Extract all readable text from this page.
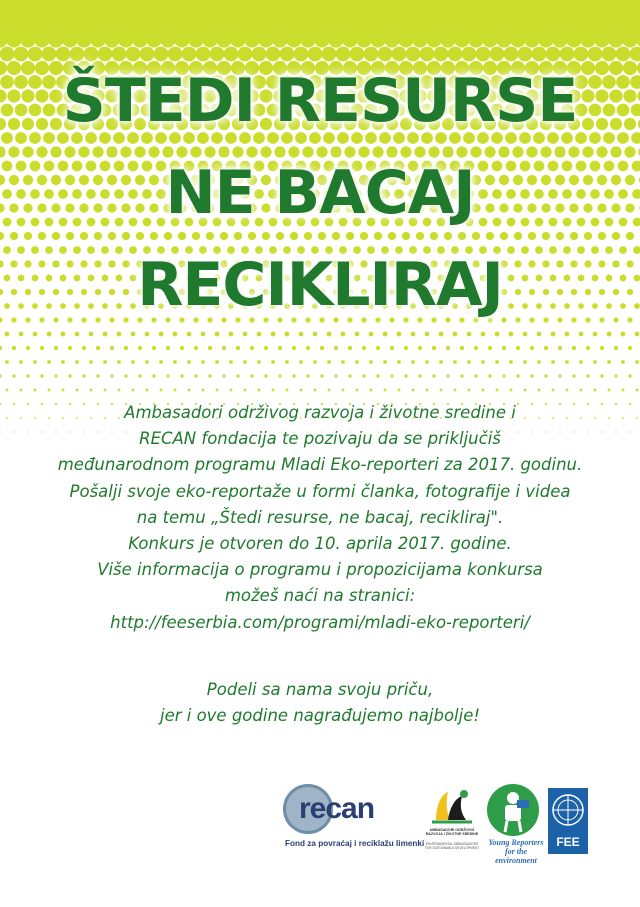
ŠTEDI RESURSE
NE BACAJ
RECIKLIRAJ
Ambasadori održivog razvoja i životne sredine i
RECAN fondacija te pozivaju da se priključiš
međunarodnom programu Mladi Eko-reporteri za 2017. godinu.
Pošalji svoje eko-reportaže u formi članka, fotografije i videa
na temu „Štedi resurse, ne bacaj, recikliraj".
Konkurs je otvoren do 10. aprila 2017. godine.
Više informacija o programu i propozicijama konkursa
možeš naći na stranici:
http://feeserbia.com/programi/mladi-eko-reporteri/
Podeli sa nama svoju priču,
jer i ove godine nagrađujemo najbolje!
recan
Fond za povraćaj i reciklažu limenki
AMBASADORI ODRŽIVOG RAZVOJA I ŽIVOTNE SREDINE
ENVIRONMENTAL AMBASSADORS FOR SUSTAINABLE DEVELOPMENT
Young Reporters
for the environment
FEE
